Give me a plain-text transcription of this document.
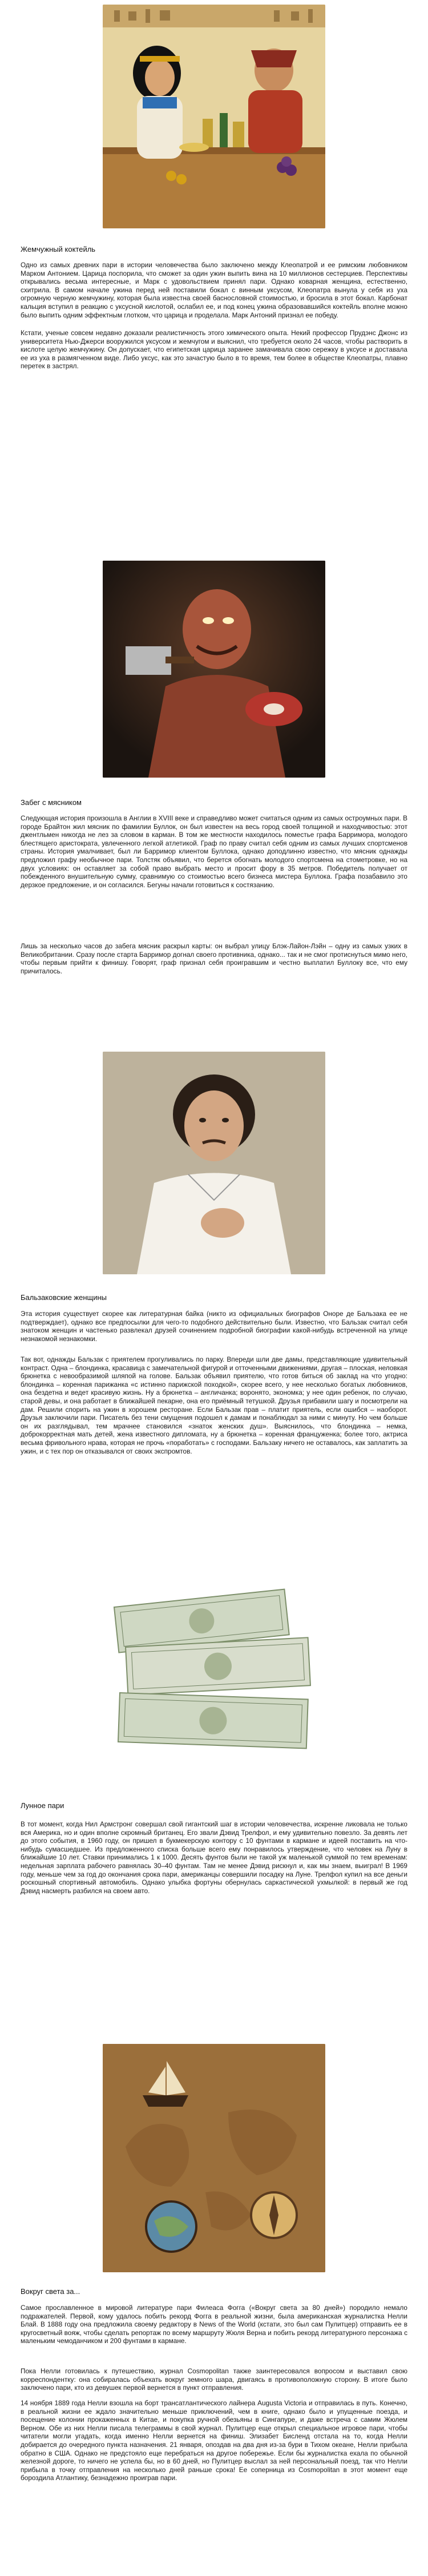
Жемчужный коктейль

Одно из самых древних пари в истории человечества было заключено между Клеопатрой и ее римским любовником Марком Антонием. Царица поспорила, что сможет за один ужин выпить вина на 10 миллионов сестерциев. Перспективы открывались весьма интересные, и Марк с удовольствием принял пари. Однако коварная женщина, естественно, схитрила. В самом начале ужина перед ней поставили бокал с винным уксусом, Клеопатра вынула у себя из уха огромную черную жемчужину, которая была известна своей баснословной стоимостью, и бросила в этот бокал. Карбонат кальция вступил в реакцию с уксусной кислотой, ослабил ее, и под конец ужина образовавшийся коктейль вполне можно было выпить одним эффектным глотком, что царица и проделала. Марк Антоний признал ее победу.

Кстати, ученые совсем недавно доказали реалистичность этого химического опыта. Некий профессор Прудэнс Джонс из университета Нью-Джерси вооружился уксусом и жемчугом и выяснил, что требуется около 24 часов, чтобы растворить в кислоте целую жемчужину. Он допускает, что египетская царица заранее замачивала свою сережку в уксусе и доставала ее из уха в размягченном виде. Либо уксус, как это зачастую было в то время, тем более в обществе Клеопатры, плавно перетек в застрял.

Забег с мясником

Следующая история произошла в Англии в XVIII веке и справедливо может считаться одним из самых остроумных пари. В городе Брайтон жил мясник по фамилии Буллок, он был известен на весь город своей толщиной и находчивостью: этот джентльмен никогда не лез за словом в карман. В том же местности находилось поместье графа Барримора, молодого блестящего аристократа, увлеченного легкой атлетикой. Граф по праву считал себя одним из самых лучших спортсменов страны. История умалчивает, был ли Барримор клиентом Буллока, однако доподлинно известно, что мясник однажды предложил графу необычное пари. Толстяк объявил, что берется обогнать молодого спортсмена на стометровке, но на двух условиях: он оставляет за собой право выбрать место и просит фору в 35 метров. Победитель получает от побежденного внушительную сумму, сравнимую со стоимостью всего бизнеса мистера Буллока. Графа позабавило это дерзкое предложение, и он согласился. Бегуны начали готовиться к состязанию.

Лишь за несколько часов до забега мясник раскрыл карты: он выбрал улицу Блэк-Лайон-Лэйн – одну из самых узких в Великобритании. Сразу после старта Барримор догнал своего противника, однако... так и не смог протиснуться мимо него, чтобы первым прийти к финишу. Говорят, граф признал себя проигравшим и честно выплатил Буллоку все, что ему причиталось.

Бальзаковские женщины

Эта история существует скорее как литературная байка (никто из официальных биографов Оноре де Бальзака ее не подтверждает), однако все предпосылки для чего-то подобного действительно были. Известно, что Бальзак считал себя знатоком женщин и частенько развлекал друзей сочинением подробной биографии какой-нибудь встреченной на улице незнакомой незнакомки.

Так вот, однажды Бальзак с приятелем прогуливались по парку. Впереди шли две дамы, представляющие удивительный контраст. Одна – блондинка, красавица с замечательной фигурой и отточенными движениями, другая – плоская, неловкая брюнетка с невообразимой шляпой на голове. Бальзак объявил приятелю, что готов биться об заклад на что угодно: блондинка – коренная парижанка «с истинно парижской походкой», скорее всего, у нее несколько богатых любовников, она бездетна и ведет красивую жизнь. Ну а брюнетка – англичанка; воронято, экономка; у нее один ребенок, по случаю, старой девы, и она работает в ближайшей пекарне, она его приёмный тетушкой. Друзья прибавили шагу и посмотрели на дам. Решили спорить на ужин в хорошем ресторане. Если Бальзак прав – платит приятель, если ошибся – наоборот. Друзья заключили пари. Писатель без тени смущения подошел к дамам и понаблюдал за ними с минуту. Но чем больше он их разглядывал, тем мрачнее становился «знаток женских душ». Выяснилось, что блондинка – немка, доброкорректная мать детей, жена известного дипломата, ну а брюнетка – коренная француженка; более того, актриса весьма фривольного нрава, которая не прочь «поработать» с господами. Бальзаку ничего не оставалось, как заплатить за ужин, и с тех пор он отказывался от своих экспромтов.

Лунное пари

В тот момент, когда Нил Армстронг совершал свой гигантский шаг в истории человечества, искренне ликовала не только вся Америка, но и один вполне скромный британец. Его звали Дэвид Трелфол, и ему удивительно повезло. За девять лет до этого события, в 1960 году, он пришел в букмекерскую контору с 10 фунтами в кармане и идеей поставить на что-нибудь сумасшедшее. Из предложенного списка больше всего ему понравилось утверждение, что человек на Луну в ближайшие 10 лет. Ставки принимались 1 к 1000. Десять фунтов были не такой уж маленькой суммой по тем временам: недельная зарплата рабочего равнялась 30–40 фунтам. Там не менее Дэвид рискнул и, как мы знаем, выиграл! В 1969 году, меньше чем за год до окончания срока пари, американцы совершили посадку на Луне. Трелфол купил на все деньги роскошный спортивный автомобиль. Однако улыбка фортуны обернулась саркастической ухмылкой: в первый же год Дэвид насмерть разбился на своем авто.

Вокруг света за...

Самое прославленное в мировой литературе пари Филеаса Фогга («Вокруг света за 80 дней») породило немало подражателей. Первой, кому удалось побить рекорд Фогга в реальной жизни, была американская журналистка Нелли Блай. В 1888 году она предложила своему редактору в News of the World (кстати, это был сам Пулитцер) отправить ее в кругосветный вояж, чтобы сделать репортаж по всему маршруту Жюля Верна и побить рекорд литературного персонажа с маленьким чемоданчиком и 200 фунтами в кармане.

Пока Нелли готовилась к путешествию, журнал Cosmopolitan также заинтересовался вопросом и выставил свою корреспондентку: она собиралась объехать вокруг земного шара, двигаясь в противоположную сторону. В итоге было заключено пари, кто из девушек первой вернется в пункт отправления.

14 ноября 1889 года Нелли взошла на борт трансатлантического лайнера Augusta Victoria и отправилась в путь. Конечно, в реальной жизни ее ждало значительно меньше приключений, чем в книге, однако было и упущенные поезда, и посещение колонии прокаженных в Китае, и покупка ручной обезьяны в Сингапуре, и даже встреча с самим Жюлем Верном. Обе из них Нелли писала телеграммы в свой журнал. Пулитцер еще открыл специальное игровое пари, чтобы читатели могли угадать, когда именно Нелли вернется на финиш. Элизабет Бисленд отстала на то, когда Нелли добирается до очередного пункта назначения. 21 января, опоздав на два дня из-за бури в Тихом океане, Нелли прибыла обратно в США. Однако не предстояло еще перебраться на другое побережье. Если бы журналистка ехала по обычной железной дороге, то ничего не успела бы, но в 60 дней, но Пулитцер выслал за ней персональный поезд, так что Нелли прибыла в точку отправления на несколько дней раньше срока! Ее соперница из Cosmopolitan в этот момент еще бороздила Атлантику, безнадежно проиграв пари.
